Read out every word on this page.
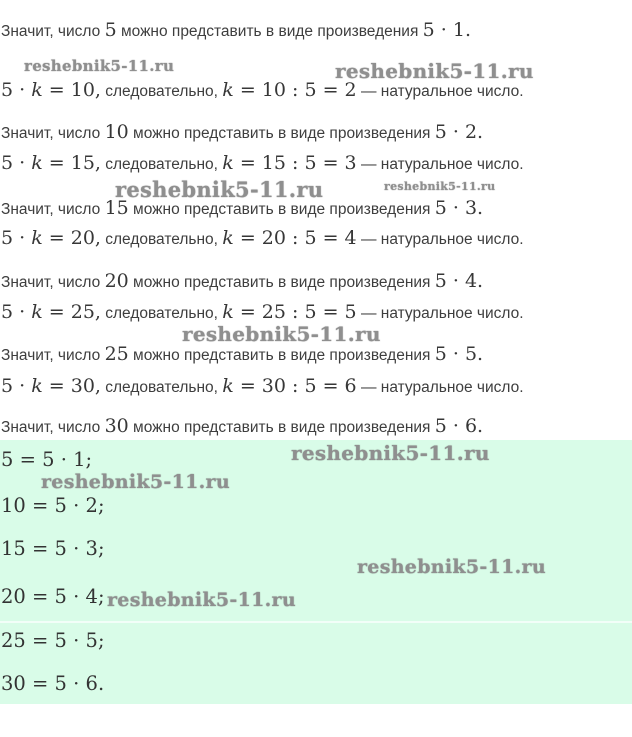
Значит, число 5 можно представить в виде произведения 5 · 1.
5 · k = 10, следовательно, k = 10 : 5 = 2 — натуральное число.
Значит, число 10 можно представить в виде произведения 5 · 2.
5 · k = 15, следовательно, k = 15 : 5 = 3 — натуральное число.
Значит, число 15 можно представить в виде произведения 5 · 3.
5 · k = 20, следовательно, k = 20 : 5 = 4 — натуральное число.
Значит, число 20 можно представить в виде произведения 5 · 4.
5 · k = 25, следовательно, k = 25 : 5 = 5 — натуральное число.
Значит, число 25 можно представить в виде произведения 5 · 5.
5 · k = 30, следовательно, k = 30 : 5 = 6 — натуральное число.
Значит, число 30 можно представить в виде произведения 5 · 6.
5 = 5 · 1;
10 = 5 · 2;
15 = 5 · 3;
20 = 5 · 4;
25 = 5 · 5;
30 = 5 · 6.
reshebnik5-11.ru	reshebnik5-11.ru
reshebnik5-11.ru	reshebnik5-11.ru
reshebnik5-11.ru
reshebnik5-11.ru
reshebnik5-11.ru
reshebnik5-11.ru
reshebnik5-11.ru
